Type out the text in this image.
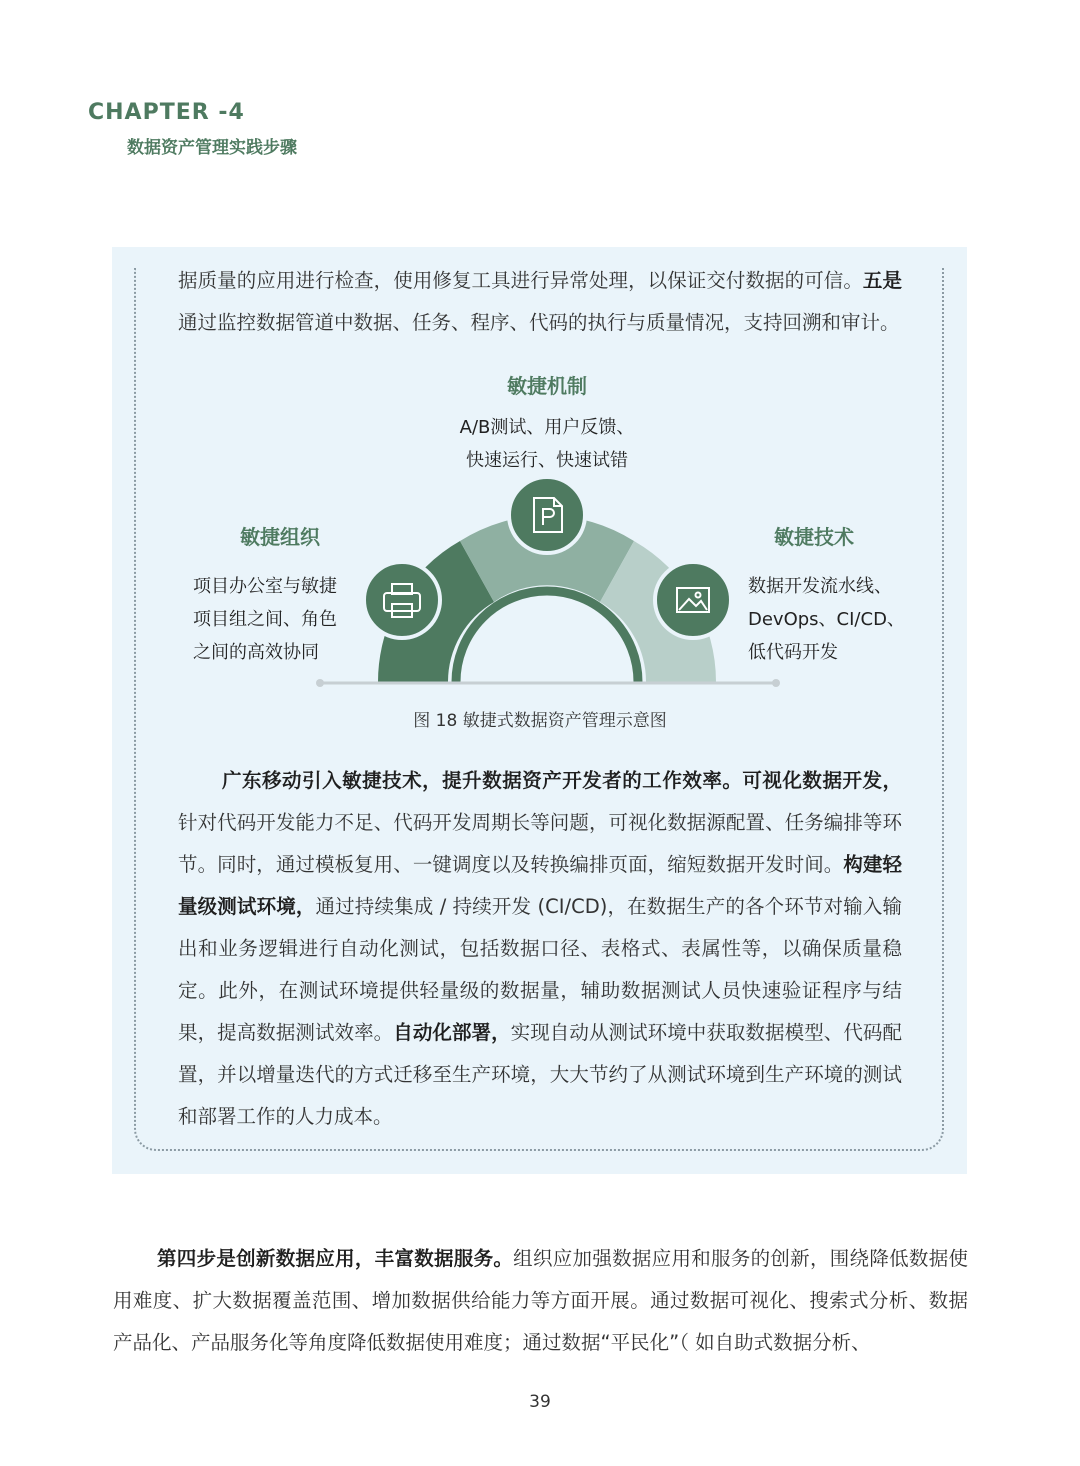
CHAPTER -4
数据资产管理实践步骤

据质量的应用进行检查，使用修复工具进行异常处理，以保证交付数据的可信。五是通过监控数据管道中数据、任务、程序、代码的执行与质量情况，支持回溯和审计。

敏捷机制
A/B测试、用户反馈、
快速运行、快速试错
敏捷组织
项目办公室与敏捷
项目组之间、角色
之间的高效协同
敏捷技术
数据开发流水线、
DevOps、CI/CD、
低代码开发
图 18 敏捷式数据资产管理示意图

广东移动引入敏捷技术，提升数据资产开发者的工作效率。可视化数据开发，针对代码开发能力不足、代码开发周期长等问题，可视化数据源配置、任务编排等环节。同时，通过模板复用、一键调度以及转换编排页面，缩短数据开发时间。构建轻量级测试环境，通过持续集成 / 持续开发 (CI/CD)，在数据生产的各个环节对输入输出和业务逻辑进行自动化测试，包括数据口径、表格式、表属性等，以确保质量稳定。此外，在测试环境提供轻量级的数据量，辅助数据测试人员快速验证程序与结果，提高数据测试效率。自动化部署，实现自动从测试环境中获取数据模型、代码配置，并以增量迭代的方式迁移至生产环境，大大节约了从测试环境到生产环境的测试和部署工作的人力成本。

第四步是创新数据应用，丰富数据服务。组织应加强数据应用和服务的创新，围绕降低数据使用难度、扩大数据覆盖范围、增加数据供给能力等方面开展。通过数据可视化、搜索式分析、数据产品化、产品服务化等角度降低数据使用难度；通过数据“平民化”（ 如自助式数据分析、

39
